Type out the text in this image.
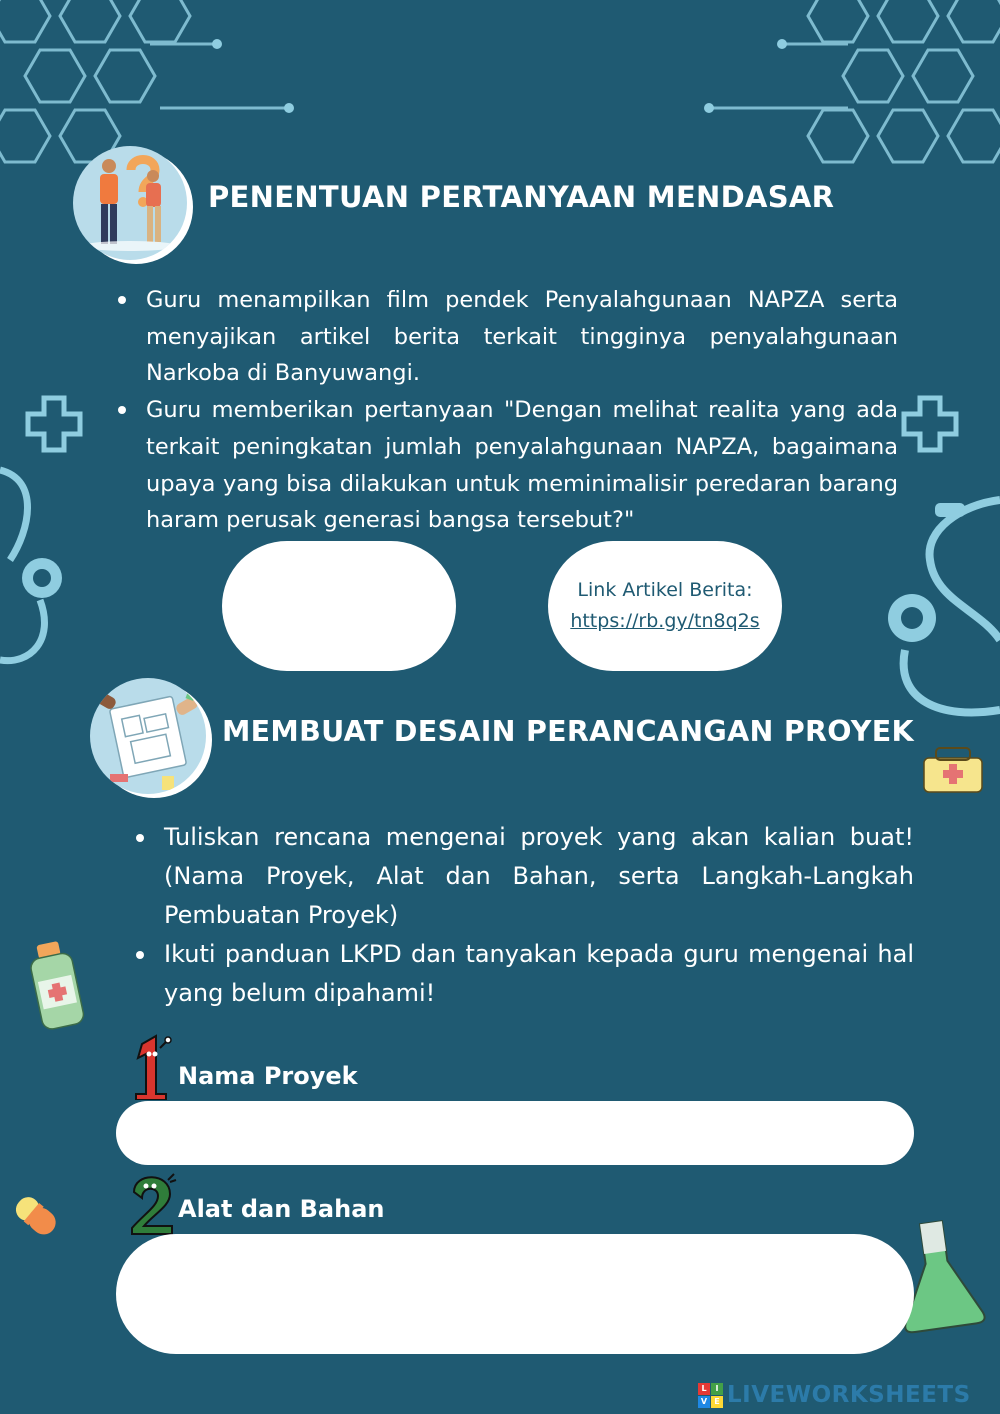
PENENTUAN PERTANYAAN MENDASAR
Guru menampilkan film pendek Penyalahgunaan NAPZA serta menyajikan artikel berita terkait tingginya penyalahgunaan Narkoba di Banyuwangi.
Guru memberikan pertanyaan "Dengan melihat realita yang ada terkait peningkatan jumlah penyalahgunaan NAPZA, bagaimana upaya yang bisa dilakukan untuk meminimalisir peredaran barang haram perusak generasi bangsa tersebut?"
Link Artikel Berita:
https://rb.gy/tn8q2s
MEMBUAT DESAIN PERANCANGAN PROYEK
Tuliskan rencana mengenai proyek yang akan kalian buat! (Nama Proyek, Alat dan Bahan, serta Langkah-Langkah Pembuatan Proyek)
Ikuti panduan LKPD dan tanyakan kepada guru mengenai hal yang belum dipahami!
Nama Proyek
Alat dan Bahan
L	I
V E LIVEWORKSHEETS
